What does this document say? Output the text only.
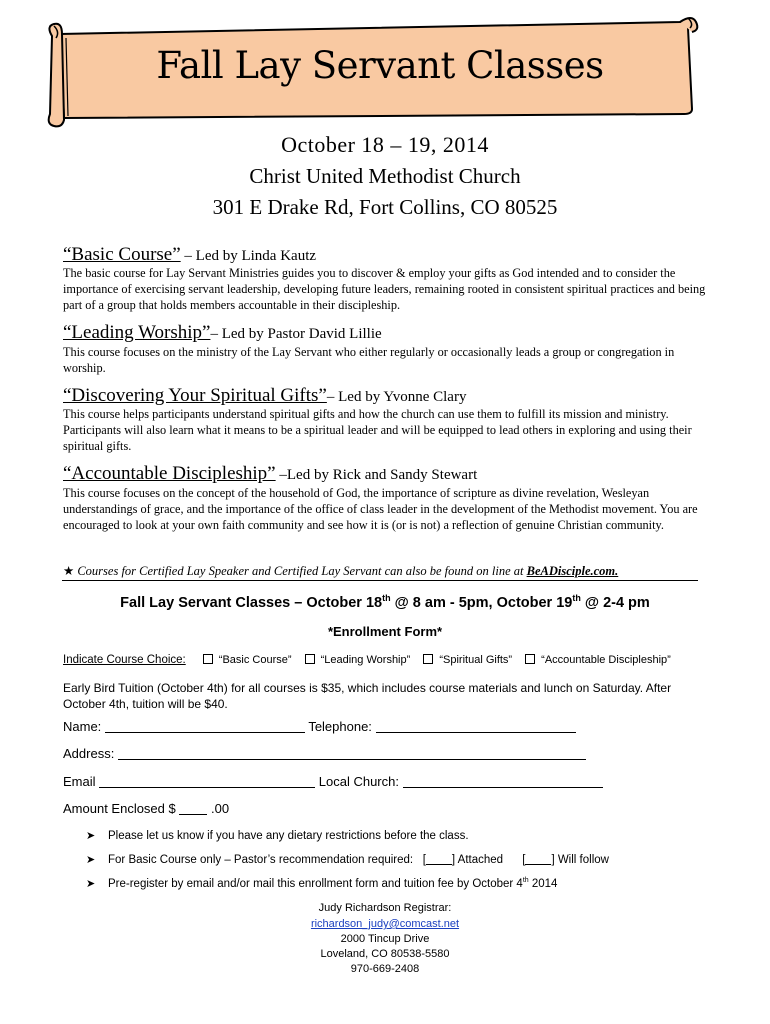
Fall Lay Servant Classes
October 18 – 19, 2014
Christ United Methodist Church
301 E Drake Rd, Fort Collins, CO 80525
“Basic Course” – Led by Linda Kautz
The basic course for Lay Servant Ministries guides you to discover & employ your gifts as God intended and to consider the importance of exercising servant leadership, developing future leaders, remaining rooted in consistent spiritual practices and being part of a group that holds members accountable in their discipleship.
“Leading Worship”– Led by Pastor David Lillie
This course focuses on the ministry of the Lay Servant who either regularly or occasionally leads a group or congregation in worship.
“Discovering Your Spiritual Gifts”– Led by Yvonne Clary
This course helps participants understand spiritual gifts and how the church can use them to fulfill its mission and ministry. Participants will also learn what it means to be a spiritual leader and will be equipped to lead others in exploring and using their spiritual gifts.
“Accountable Discipleship” –Led by Rick and Sandy Stewart
This course focuses on the concept of the household of God, the importance of scripture as divine revelation, Wesleyan understandings of grace, and the importance of the office of class leader in the development of the Methodist movement. You are encouraged to look at your own faith community and see how it is (or is not) a reflection of genuine Christian community.
★ Courses for Certified Lay Speaker and Certified Lay Servant can also be found on line at BeADisciple.com.
Fall Lay Servant Classes – October 18th @ 8 am - 5pm, October 19th @ 2-4 pm
*Enrollment Form*
Indicate Course Choice:	“Basic Course”	“Leading Worship”	“Spiritual Gifts”	“Accountable Discipleship”
Early Bird Tuition (October 4th) for all courses is $35, which includes course materials and lunch on Saturday. After October 4th, tuition will be $40.
Name:	Telephone:
Address:
Email	Local Church:
Amount Enclosed $	.00
➤ Please let us know if you have any dietary restrictions before the class.
➤ For Basic Course only – Pastor’s recommendation required:   [ ] Attached      [ ] Will follow
➤ Pre-register by email and/or mail this enrollment form and tuition fee by October 4th 2014
Judy Richardson Registrar:
richardson_judy@comcast.net
2000 Tincup Drive
Loveland, CO 80538-5580
970-669-2408
